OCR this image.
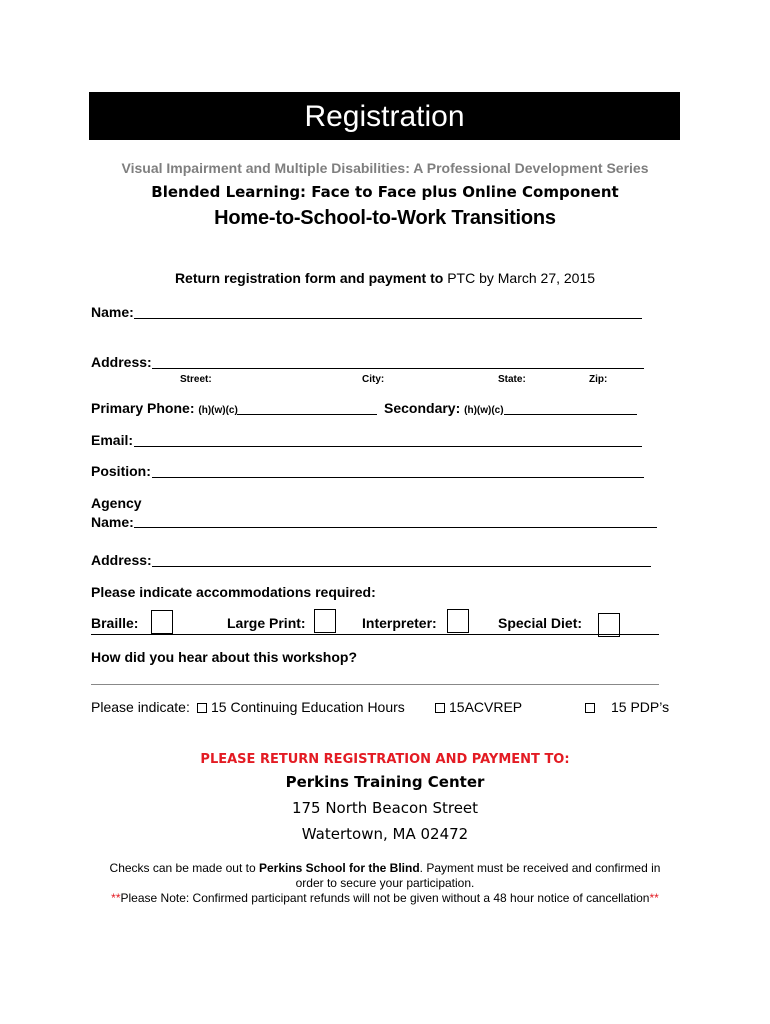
Registration
Visual Impairment and Multiple Disabilities: A Professional Development Series
Blended Learning: Face to Face plus Online Component
Home-to-School-to-Work Transitions
Return registration form and payment to PTC by March 27, 2015
Name:
Address:
Street:	City:	State:	Zip:
Primary Phone: (h)(w)(c)	Secondary: (h)(w)(c)
Email:
Position:
Agency
Name:
Address:
Please indicate accommodations required:
Braille:	Large Print:	Interpreter:	Special Diet:
How did you hear about this workshop?
Please indicate:	15 Continuing Education Hours	15ACVREP	15 PDP’s
PLEASE RETURN REGISTRATION AND PAYMENT TO:
Perkins Training Center
175 North Beacon Street
Watertown, MA 02472
Checks can be made out to Perkins School for the Blind. Payment must be received and confirmed in
order to secure your participation.
**Please Note: Confirmed participant refunds will not be given without a 48 hour notice of cancellation**
